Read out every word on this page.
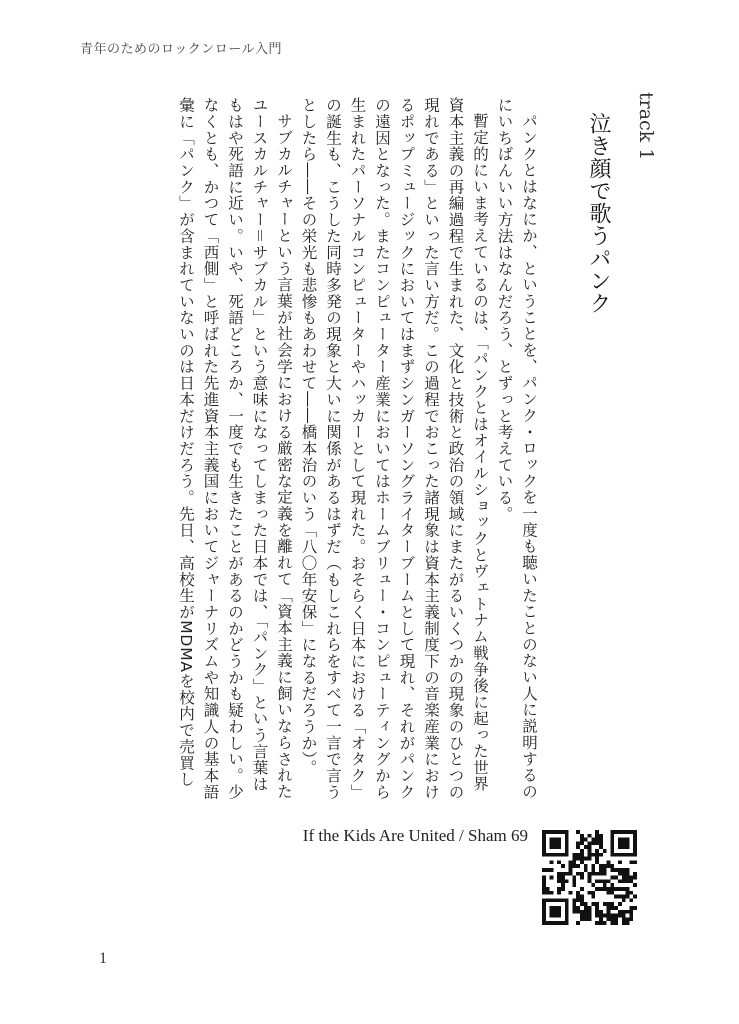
青年のためのロックンロール入門
track 1
泣き顔で歌うパンク
パンクとはなにか、ということを、パンク・ロックを一度も聴いたことのない人に説明するの
にいちばんいい方法はなんだろう、とずっと考えている。
暫定的にいま考えているのは、「パンクとはオイルショックとヴェトナム戦争後に起った世界
資本主義の再編過程で生まれた、文化と技術と政治の領域にまたがるいくつかの現象のひとつの
現れである」といった言い方だ。この過程でおこった諸現象は資本主義制度下の音楽産業におけ
るポップミュージックにおいてはまずシンガーソングライターブームとして現れ、それがパンク
の遠因となった。またコンピューター産業においてはホームブリュー・コンピューティングから
生まれたパーソナルコンピューターやハッカーとして現れた。おそらく日本における「オタク」
の誕生も、こうした同時多発の現象と大いに関係があるはずだ（もしこれらをすべて一言で言う
としたら――その栄光も悲惨もあわせて――橋本治のいう「八〇年安保」になるだろうか）。
サブカルチャーという言葉が社会学における厳密な定義を離れて「資本主義に飼いならされた
ユースカルチャー＝サブカル」という意味になってしまった日本では、「パンク」という言葉は
もはや死語に近い。いや、死語どころか、一度でも生きたことがあるのかどうかも疑わしい。少
なくとも、かつて「西側」と呼ばれた先進資本主義国においてジャーナリズムや知識人の基本語
彙に「パンク」が含まれていないのは日本だけだろう。先日、高校生がMDMAを校内で売買し
If the Kids Are United / Sham 69
1
